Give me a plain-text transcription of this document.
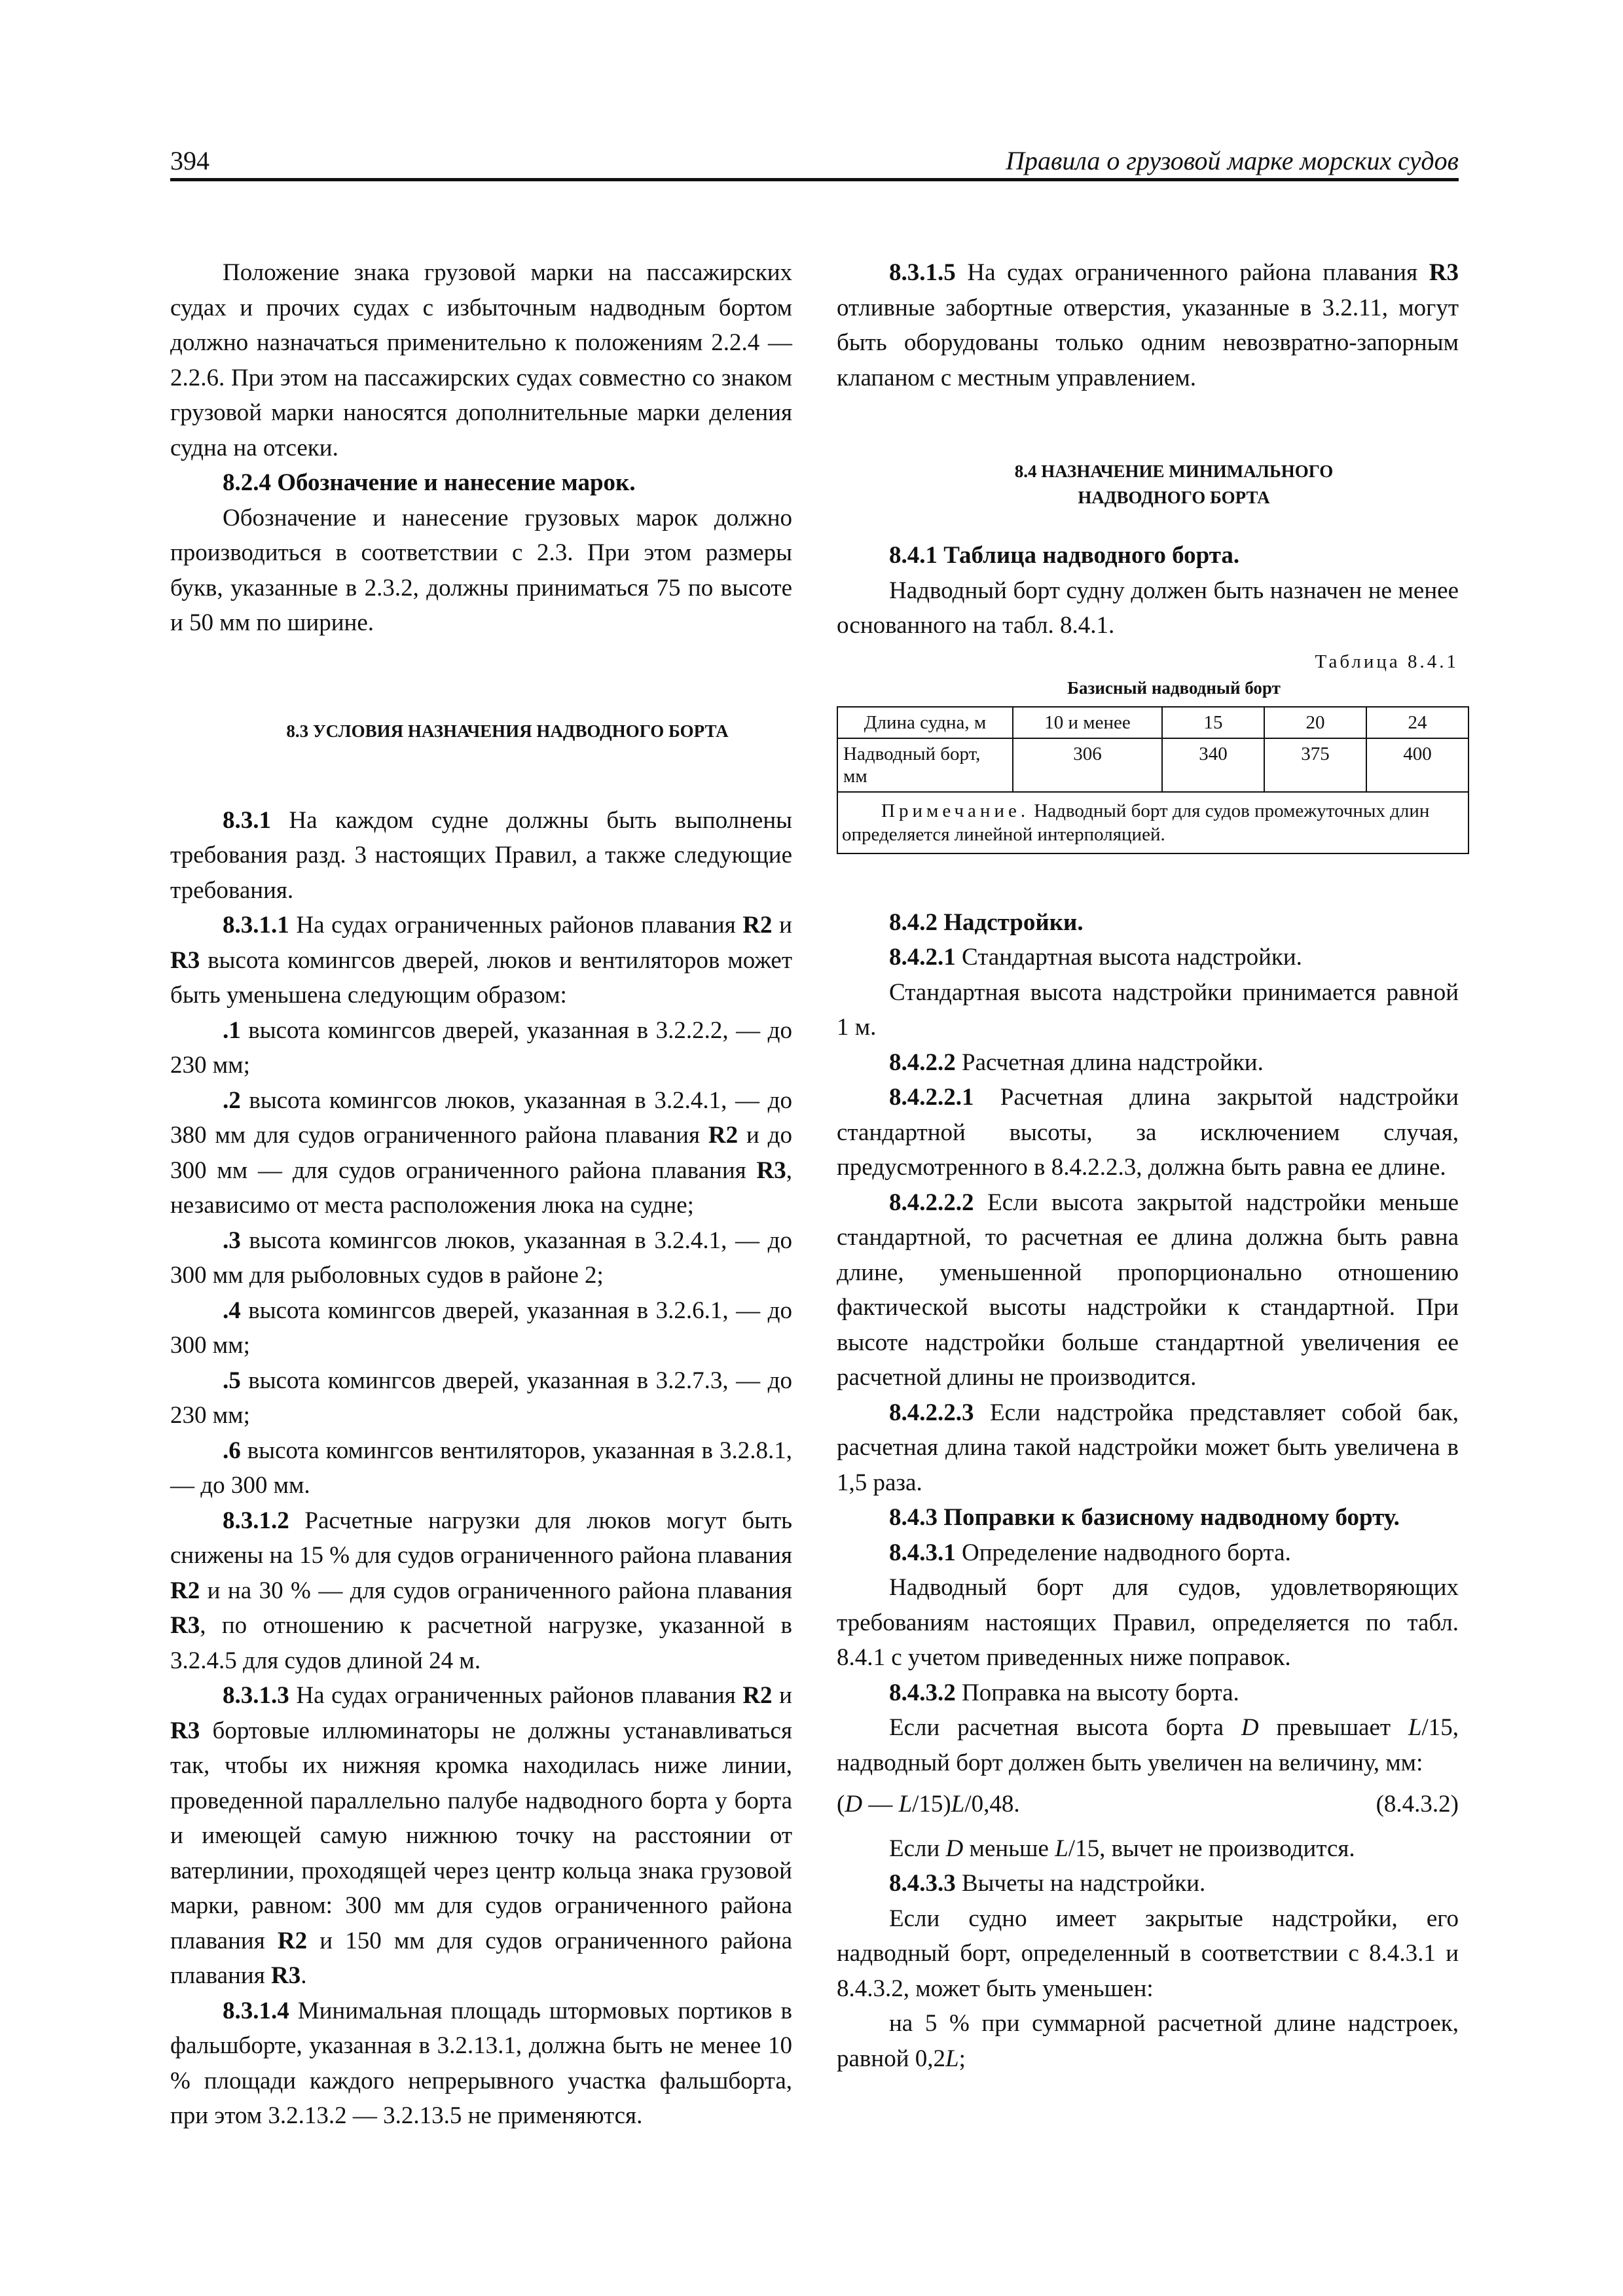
394	Правила о грузовой марке морских судов

Положение знака грузовой марки на пассажирских судах и прочих судах с избыточным надводным бортом должно назначаться применительно к положениям 2.2.4 — 2.2.6. При этом на пассажирских судах совместно со знаком грузовой марки наносятся дополнительные марки деления судна на отсеки.

8.2.4 Обозначение и нанесение марок.

Обозначение и нанесение грузовых марок должно производиться в соответствии с 2.3. При этом размеры букв, указанные в 2.3.2, должны приниматься 75 по высоте и 50 мм по ширине.

8.3 УСЛОВИЯ НАЗНАЧЕНИЯ НАДВОДНОГО БОРТА

8.3.1 На каждом судне должны быть выполнены требования разд. 3 настоящих Правил, а также следующие требования.

8.3.1.1 На судах ограниченных районов плавания R2 и R3 высота комингсов дверей, люков и вентиляторов может быть уменьшена следующим образом:

.1 высота комингсов дверей, указанная в 3.2.2.2, — до 230 мм;

.2 высота комингсов люков, указанная в 3.2.4.1, — до 380 мм для судов ограниченного района плавания R2 и до 300 мм — для судов ограниченного района плавания R3, независимо от места расположения люка на судне;

.3 высота комингсов люков, указанная в 3.2.4.1, — до 300 мм для рыболовных судов в районе 2;

.4 высота комингсов дверей, указанная в 3.2.6.1, — до 300 мм;

.5 высота комингсов дверей, указанная в 3.2.7.3, — до 230 мм;

.6 высота комингсов вентиляторов, указанная в 3.2.8.1, — до 300 мм.

8.3.1.2 Расчетные нагрузки для люков могут быть снижены на 15 % для судов ограниченного района плавания R2 и на 30 % — для судов ограниченного района плавания R3, по отношению к расчетной нагрузке, указанной в 3.2.4.5 для судов длиной 24 м.

8.3.1.3 На судах ограниченных районов плавания R2 и R3 бортовые иллюминаторы не должны устанавливаться так, чтобы их нижняя кромка находилась ниже линии, проведенной параллельно палубе надводного борта у борта и имеющей самую нижнюю точку на расстоянии от ватерлинии, проходящей через центр кольца знака грузовой марки, равном: 300 мм для судов ограниченного района плавания R2 и 150 мм для судов ограниченного района плавания R3.

8.3.1.4 Минимальная площадь штормовых портиков в фальшборте, указанная в 3.2.13.1, должна быть не менее 10 % площади каждого непрерывного участка фальшборта, при этом 3.2.13.2 — 3.2.13.5 не применяются.

8.3.1.5 На судах ограниченного района плавания R3 отливные забортные отверстия, указанные в 3.2.11, могут быть оборудованы только одним невозвратно-запорным клапаном с местным управлением.

8.4 НАЗНАЧЕНИЕ МИНИМАЛЬНОГО

НАДВОДНОГО БОРТА

8.4.1 Таблица надводного борта.

Надводный борт судну должен быть назначен не менее основанного на табл. 8.4.1.

Таблица 8.4.1

Базисный надводный борт

Длина судна, м	10 и менее	15	20	24
Надводный борт, мм	306	340	375	400
Примечание. Надводный борт для судов промежуточных длин определяется линейной интерполяцией.				

8.4.2 Надстройки.

8.4.2.1 Стандартная высота надстройки.

Стандартная высота надстройки принимается равной 1 м.

8.4.2.2 Расчетная длина надстройки.

8.4.2.2.1 Расчетная длина закрытой надстройки стандартной высоты, за исключением случая, предусмотренного в 8.4.2.2.3, должна быть равна ее длине.

8.4.2.2.2 Если высота закрытой надстройки меньше стандартной, то расчетная ее длина должна быть равна длине, уменьшенной пропорционально отношению фактической высоты надстройки к стандартной. При высоте надстройки больше стандартной увеличения ее расчетной длины не производится.

8.4.2.2.3 Если надстройка представляет собой бак, расчетная длина такой надстройки может быть увеличена в 1,5 раза.

8.4.3 Поправки к базисному надводному борту.

8.4.3.1 Определение надводного борта.

Надводный борт для судов, удовлетворяющих требованиям настоящих Правил, определяется по табл. 8.4.1 с учетом приведенных ниже поправок.

8.4.3.2 Поправка на высоту борта.

Если расчетная высота борта D превышает L/15, надводный борт должен быть увеличен на величину, мм:

(D — L/15)L/0,48.	(8.4.3.2)

Если D меньше L/15, вычет не производится.

8.4.3.3 Вычеты на надстройки.

Если судно имеет закрытые надстройки, его надводный борт, определенный в соответствии с 8.4.3.1 и 8.4.3.2, может быть уменьшен:

на 5 % при суммарной расчетной длине надстроек, равной 0,2L;
